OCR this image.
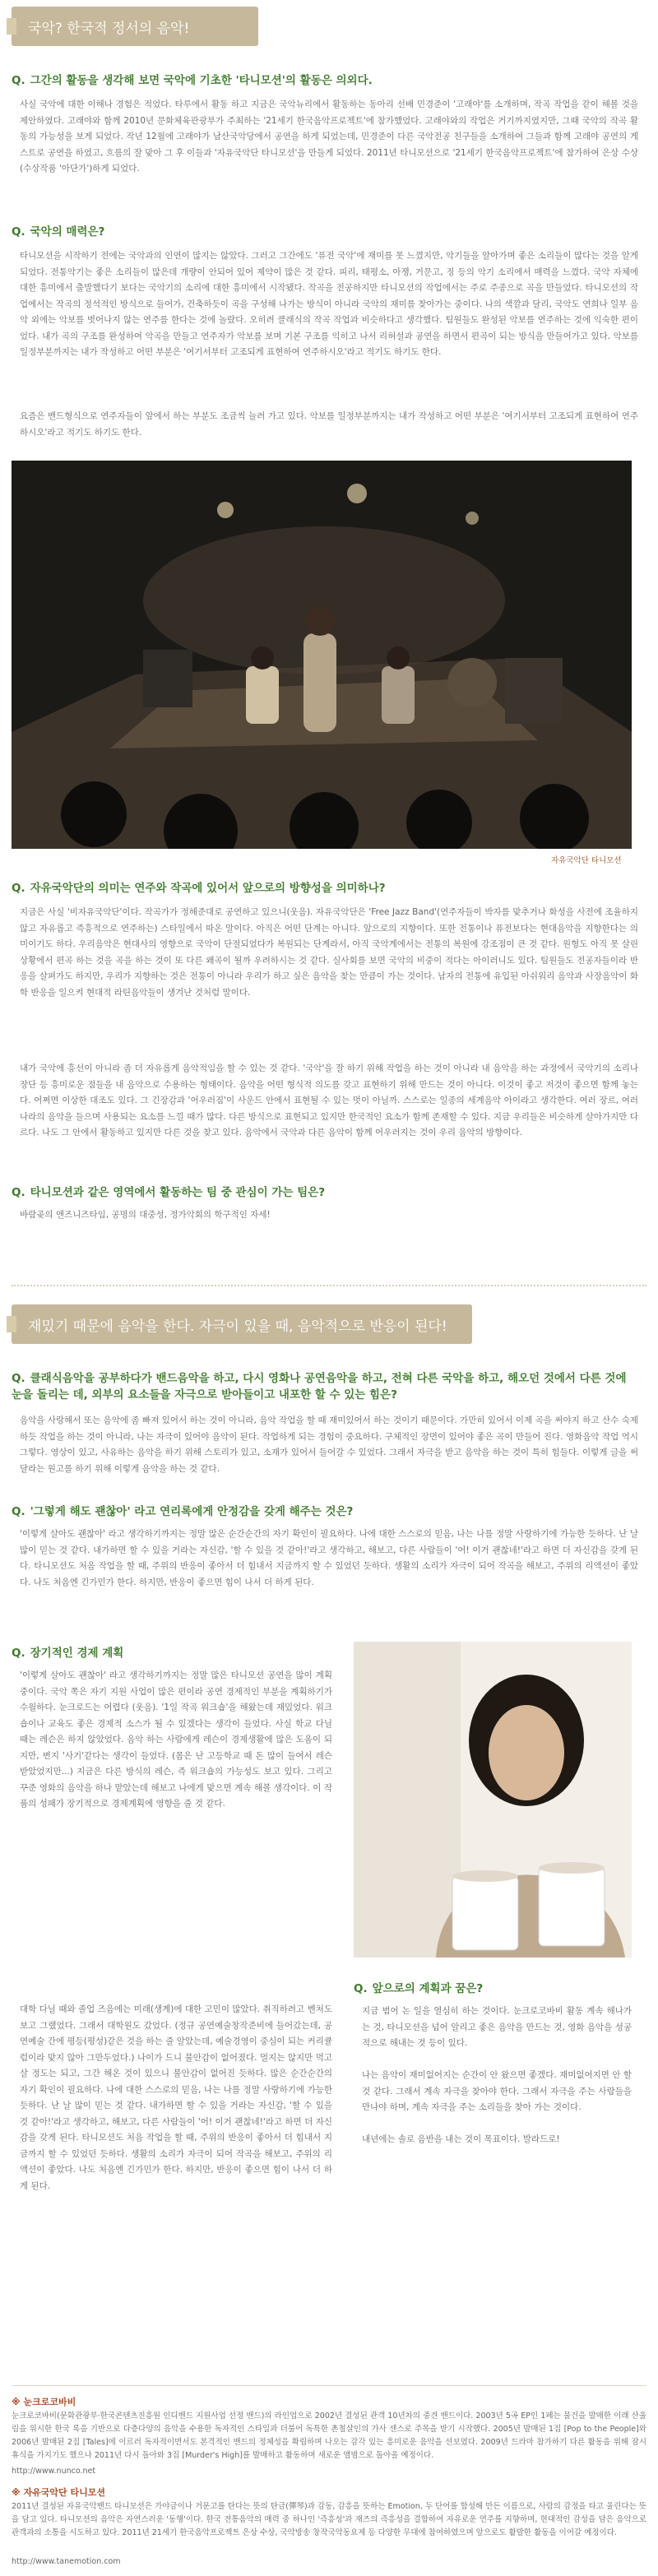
국악? 한국적 정서의 음악!
Q. 그간의 활동을 생각해 보면 국악에 기초한 '타니모션'의 활동은 의외다.
사실 국악에 대한 이해나 경험은 적었다. 타루에서 활동 하고 지금은 국악뉴리에서 활동하는 동아리 선배 민경준이 '고래야'를 소개하며, 작곡 작업을 같이 해볼 것을 제안하였다. 고래야와 함께 2010년 문화체육관광부가 주최하는 '21세기 한국음악프로젝트'에 참가했었다. 고래야와의 작업은 거기까지였지만, 그때 국악의 작곡 활동의 가능성을 보게 되었다. 작년 12월에 고래야가 남산국악당에서 공연을 하게 되었는데, 민경준이 다른 국악전공 친구들을 소개하여 그들과 함께 고래야 공연의 게스트로 공연을 하였고, 흐름의 잘 맞아 그 후 이들과 '자유국악단 타니모션'을 만들게 되었다. 2011년 타니모션으로 '21세기 한국음악프로젝트'에 참가하여 은상 수상(수상작품 '아단가')하게 되었다.
Q. 국악의 매력은?
타니모션을 시작하기 전에는 국악과의 인연이 많지는 않았다. 그러고 그간에도 '퓨전 국악'에 재미를 못 느꼈지만, 악기들을 알아가며 좋은 소리들이 많다는 것을 알게 되었다. 전통악기는 좋은 소리들이 많은데 개량이 안되어 있어 제약이 많은 것 같다. 피리, 태평소, 아쟁, 거문고, 징 등의 악기 소리에서 매력을 느꼈다. 국악 자체에 대한 흥미에서 출발했다기 보다는 국악기의 소리에 대한 흥미에서 시작됐다. 작곡을 전공하지만 타니모션의 작업에서는 주로 주종으로 곡을 만들었다. 타니모션의 작업에서는 작곡의 정석적인 방식으로 들어가, 건축하듯이 곡을 구성해 나가는 방식이 아니라 국악의 재미를 찾아가는 중이다. 나의 색깔과 달리, 국악도 연희나 일부 음악 외에는 악보를 벗어나지 않는 연주를 한다는 것에 놀랐다. 오히려 클래식의 작곡 작업과 비슷하다고 생각했다. 팀원들도 완성된 악보를 연주하는 것에 익숙한 편이었다. 내가 곡의 구조를 완성하여 악곡을 만들고 연주자가 악보를 보며 기본 구조를 익히고 나서 리허설과 공연을 하면서 편곡이 되는 방식을 만들어가고 있다. 악보를 일정부분까지는 내가 작성하고 어떤 부분은 '여기서부터 고조되게 표현하여 연주하시오'라고 적기도 하기도 한다.
요즘은 밴드형식으로 연주자들이 앞에서 하는 부분도 조금씩 늘려 가고 있다. 악보를 일정부분까지는 내가 작성하고 어떤 부분은 '여기서부터 고조되게 표현하여 연주하시오'라고 적기도 하기도 한다.
자유국악단 타니모션
Q. 자유국악단의 의미는 연주와 작곡에 있어서 앞으로의 방향성을 의미하나?
지금은 사실 '비자유국악단'이다. 작곡가가 정해준대로 공연하고 있으니(웃음). 자유국악단은 'Free Jazz Band'(연주자들이 박자를 맞추거나 화성을 사전에 조율하지 않고 자유롭고 즉흥적으로 연주하는) 스타일에서 따온 말이다. 아직은 어떤 단계는 아니다. 앞으로의 지향이다. 또한 전통이나 퓨전보다는 현대음악을 지향한다는 의미이기도 하다. 우리음악은 현대사의 영향으로 국악이 단절되었다가 복원되는 단계라서, 아직 국악계에서는 전통의 복원에 강조점이 큰 것 같다. 원형도 아직 못 살린 상황에서 편곡 하는 것을 곡을 하는 것이 또 다른 왜곡이 될까 우려하시는 것 같다. 실사회를 보면 국악의 비중이 적다는 아이러니도 있다. 팀원들도 전공자들이라 반응을 살펴가도 하지만, 우리가 지향하는 것은 전통이 아니라 우리가 하고 싶은 음악을 찾는 만큼이 가는 것이다. 남자의 전통에 유입된 아쉬워리 음악과 사장음악이 화학 반응을 일으켜 현대적 라틴음악들이 생겨난 것처럼 말이다.
내가 국악에 흥선이 아니라 좀 더 자유롭게 음악적임을 할 수 있는 것 같다. '국악'을 잘 하기 위해 작업을 하는 것이 아니라 내 음악을 하는 과정에서 국악기의 소리나 장단 등 흥미로운 점들을 내 음악으로 수용하는 형태이다. 음악을 어떤 형식적 의도를 갖고 표현하기 위해 만드는 것이 아니다. 이것이 좋고 저것이 좋으면 함께 놓는다. 어쩌면 이상한 대조도 있다. 그 긴장감과 '어우러짐'이 사운드 안에서 표현될 수 있는 멋이 아닐까. 스스로는 일종의 세계음악 아이라고 생각한다. 여러 장르, 여러 나라의 음악을 들으며 사용되는 요소를 느낄 때가 많다. 다른 방식으로 표현되고 있지만 한국적인 요소가 함께 존재할 수 있다. 지금 우리들은 비슷하게 살아가지만 다르다. 나도 그 안에서 활동하고 있지만 다른 것을 찾고 있다. 음악에서 국악과 다른 음악이 함께 어우러지는 것이 우리 음악의 방향이다.
Q. 타니모션과 같은 영역에서 활동하는 팀 중 관심이 가는 팀은?
바람곶의 앤즈니즈타임, 공명의 대중성, 정가악회의 학구적인 자세!
재밌기 때문에 음악을 한다. 자극이 있을 때, 음악적으로 반응이 된다!
Q. 클래식음악을 공부하다가 밴드음악을 하고, 다시 영화나 공연음악을 하고, 전혀 다른 국악을 하고, 해오던 것에서 다른 것에 눈을 돌리는 데, 외부의 요소들을 자극으로 받아들이고 내포한 할 수 있는 힘은?
음악을 사랑해서 또는 음악에 좀 빠져 있어서 하는 것이 아니라, 음악 작업을 할 때 재미있어서 하는 것이기 때문이다. 가만히 있어서 이제 곡을 써야지 하고 산수 숙제 하듯 작업을 하는 것이 아니라, 나는 자극이 있어야 음악이 된다. 작업하게 되는 경험이 중요하다. 구체적인 장면이 있어야 좋은 곡이 만들어 진다. 영화음악 작업 역시 그렇다. 영상이 있고, 사유하는 음악을 하기 위해 스토리가 있고, 소재가 있어서 들어갈 수 있었다. 그래서 자극을 받고 음악을 하는 것이 특히 힘들다. 이렇게 글을 써달라는 원고를 하기 위해 이렇게 음악을 하는 것 같다.
Q. '그렇게 해도 괜찮아' 라고 연리록에게 안정감을 갖게 해주는 것은?
'이렇게 살아도 괜찮아' 라고 생각하기까지는 정말 많은 순간순간의 자기 확인이 필요하다. 나에 대한 스스로의 믿음, 나는 나를 정말 사랑하기에 가능한 듯하다. 난 날 많이 믿는 것 같다. 내가하면 할 수 있을 거라는 자신감, '할 수 있을 것 같아!'라고 생각하고, 해보고, 다른 사람들이 '어! 이거 괜찮네!'라고 하면 더 자신감을 갖게 된다. 타니모션도 처음 작업을 할 때, 주위의 반응이 좋아서 더 힘내서 지금까지 할 수 있었던 듯하다. 생활의 소리가 자극이 되어 작곡을 해보고, 주위의 리액션이 좋았다. 나도 처음엔 긴가민가 한다. 하지만, 반응이 좋으면 힘이 나서 더 하게 된다.
Q. 장기적인 경제 계획
'이렇게 살아도 괜찮아' 라고 생각하기까지는 정말 많은 타니모션 공연을 많이 계획 중이다. 국악 쪽은 자기 지원 사업이 많은 편이라 공연 경제적인 부분을 계획하기가 수월하다. 눈크로드는 어렵다 (웃음). '1일 작곡 워크숍'을 해왔는데 재밌었다. 워크숍이나 교육도 좋은 경제적 소스가 될 수 있겠다는 생각이 들었다. 사실 학교 다닐 때는 레슨은 하지 않았었다. 음악 하는 사람에게 레슨이 경제생활에 많은 도움이 되지만, 변지 '사기'같다는 생각이 들었다. (몸은 난 고등학교 때 돈 많이 들여서 레슨 받았었지만...) 지금은 다른 방식의 레슨, 즉 워크숍의 가능성도 보고 있다. 그리고 꾸준 영화의 음악을 하나 맡았는데 해보고 나에게 맞으면 계속 해볼 생각이다. 이 작품의 성패가 장기적으로 경제계획에 영향을 줄 것 같다.
대학 다닐 때와 졸업 즈음에는 미래(생계)에 대한 고민이 많았다. 취직하려고 벤처도 보고 그랬었다. 그래서 대학원도 갔었다. (정규 공연예술창작준비에 들어갔는데, 공연예술 간에 평등(평성)같은 것을 하는 줄 알았는데, 예술경영이 중심이 되는 커리큘럼이라 맞지 않아 그만두었다.) 나이가 드니 불안감이 없어졌다. 멀지는 않지만 먹고 살 정도는 되고, 그간 해온 것이 있으니 불안감이 없어진 듯하다. 많은 순간순간의 자기 확인이 필요하다. 나에 대한 스스로의 믿음, 나는 나를 정말 사랑하기에 가능한 듯하다. 난 날 많이 믿는 것 같다. 내가하면 할 수 있을 거라는 자신감, '할 수 있을 것 같아!'라고 생각하고, 해보고, 다른 사람들이 '어! 이거 괜찮네!'라고 하면 더 자신감을 갖게 된다. 타니모션도 처음 작업을 할 때, 주위의 반응이 좋아서 더 힘내서 지금까지 할 수 있었던 듯하다. 생활의 소리가 자극이 되어 작곡을 해보고, 주위의 리액션이 좋았다. 나도 처음엔 긴가민가 한다. 하지만, 반응이 좋으면 힘이 나서 더 하게 된다.
Q. 앞으로의 계획과 꿈은?
지금 범어 논 일을 열심히 하는 것이다. 눈크로코바비 활동 계속 해나가는 것, 타니모션을 넘어 알리고 좋은 음악을 만드는 것, 영화 음악을 성공적으로 해내는 것 등이 있다.
나는 음악이 재미없어지는 순간이 안 왔으면 좋겠다. 재미없어지면 안 할 것 같다. 그래서 계속 자극을 찾아야 한다. 그래서 자극을 주는 사람들을 만나야 하며, 계속 자극을 주는 소리들을 찾아 가는 것이다.
내년에는 솔로 음반을 내는 것이 목표이다. 발라드로!
※ 눈크로코바비
눈크로코바비(문화관광부·한국콘텐츠진흥원 인디밴드 지원사업 선정 밴드)의 라인업으로 2002년 결성된 관객 10년차의 중견 밴드이다. 2003년 5곡 EP인 1페는 물건을 발매한 이래 산울림을 위시한 한국 록을 기반으로 다층다양의 음악을 수용한 독자적인 스타일과 더불어 독특한 촌철살인의 가사 센스로 주목을 받기 시작했다. 2005년 발매된 1집 [Pop to the People]와 2006년 발매된 2집 [Tales]에 이르러 독자적이면서도 본격적인 밴드의 정체성을 확립하며 나오는 감각 있는 흥미로운 음악을 선보였다. 2009년 드라마 참가하기 다른 활동을 위해 잠시 휴식을 가지기도 했으나 2011년 다시 돌아와 3집 [Murder's High]를 발매하고 활동하며 새로운 앨범으로 돌아올 예정이다.
http://www.nunco.net
※ 자유국악단 타니모션
2011년 결성된 자유국악밴드 타니모션은 가야금이나 거문고를 탄다는 뜻의 탄금(彈琴)과 감동, 감흥을 뜻하는 Emotion, 두 단어를 합성해 만든 이름으로, 사람의 감정을 타고 울린다는 뜻을 담고 있다. 타니모션의 음악은 자연스러운 '동행'이다. 한국 전통음악의 매력 중 하나인 '즉흥성'과 재즈의 즉흥성을 결합하여 자유로운 연주를 지향하며, 현대적인 감성을 담은 음악으로 관객과의 소통을 시도하고 있다. 2011년 21세기 한국음악프로젝트 은상 수상, 국악방송 창작국악동요제 등 다양한 무대에 참여하였으며 앞으로도 활발한 활동을 이어갈 예정이다.
http://www.tanemotion.com
